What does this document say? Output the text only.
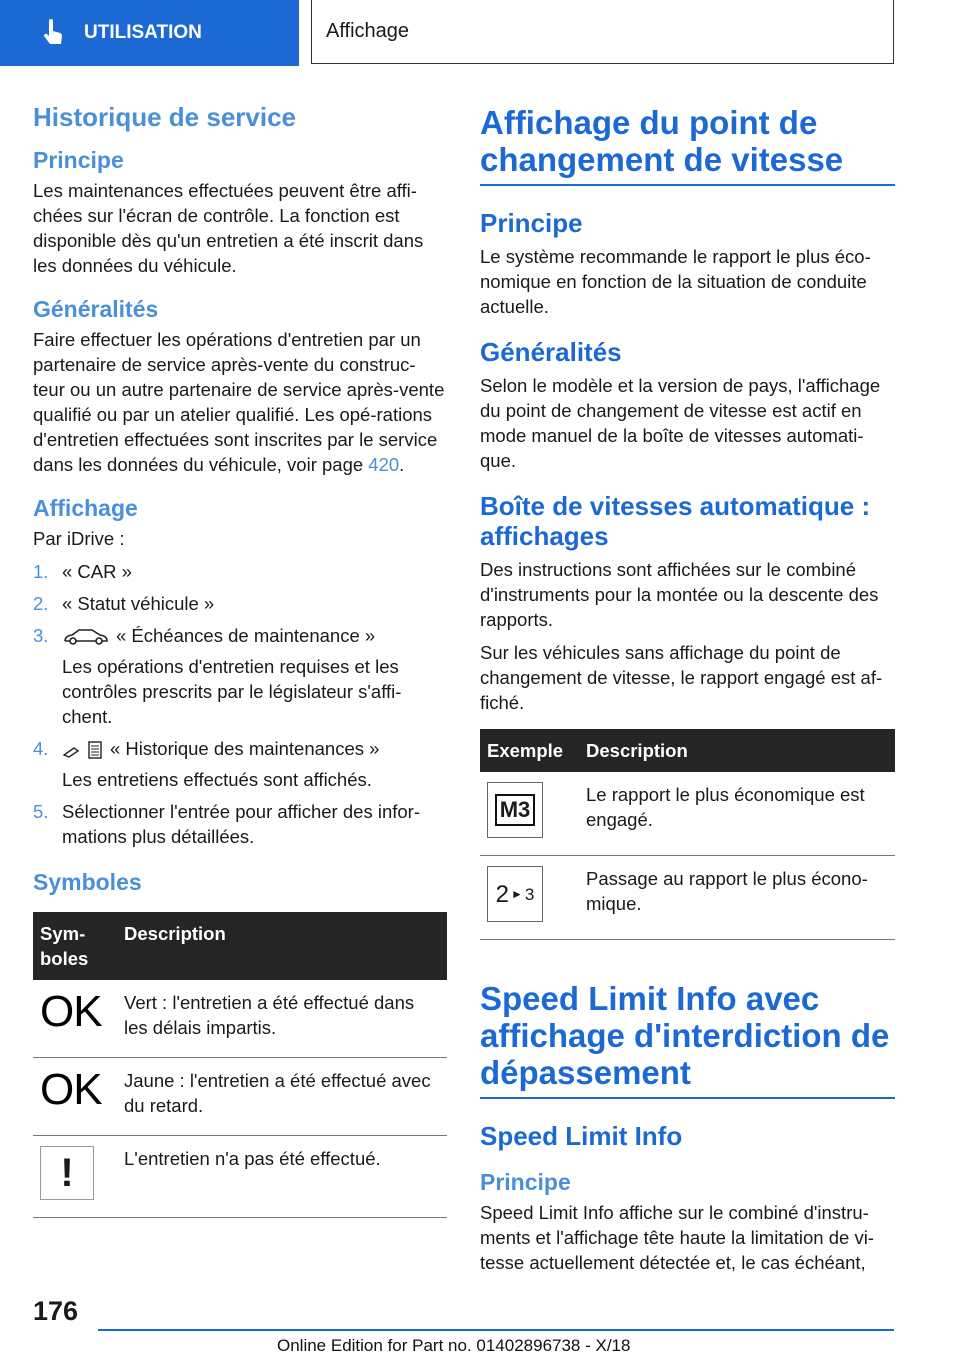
UTILISATION	Affichage
Historique de service
Principe

Les maintenances effectuées peuvent être affi-chées sur l'écran de contrôle. La fonction est disponible dès qu'un entretien a été inscrit dans les données du véhicule.

Généralités

Faire effectuer les opérations d'entretien par un partenaire de service après-vente du construc-teur ou un autre partenaire de service après-vente qualifié ou par un atelier qualifié. Les opé-rations d'entretien effectuées sont inscrites par le service dans les données du véhicule, voir page 420.

Affichage

Par iDrive :

1. « CAR »
2. « Statut véhicule »
3.	« Échéances de maintenance »
Les opérations d'entretien requises et les contrôles prescrits par le législateur s'affi-chent.
4.	« Historique des maintenances »
Les entretiens effectués sont affichés.
5. Sélectionner l'entrée pour afficher des infor-mations plus détaillées.
Symboles
Sym-boles	Description
OK	Vert : l'entretien a été effectué dans les délais impartis.
OK	Jaune : l'entretien a été effectué avec du retard.

!	L'entretien n'a pas été effectué.
Affichage du point de changement de vitesse
Principe

Le système recommande le rapport le plus éco-nomique en fonction de la situation de conduite actuelle.

Généralités

Selon le modèle et la version de pays, l'affichage du point de changement de vitesse est actif en mode manuel de la boîte de vitesses automati-que.

Boîte de vitesses automatique : affichages

Des instructions sont affichées sur le combiné d'instruments pour la montée ou la descente des rapports.

Sur les véhicules sans affichage du point de changement de vitesse, le rapport engagé est af-fiché.

Exemple	Description

M3	Le rapport le plus économique est engagé.

2 ► 3	Passage au rapport le plus écono-mique.
Speed Limit Info avec affichage d'interdiction de dépassement
Speed Limit Info
Principe

Speed Limit Info affiche sur le combiné d'instru-ments et l'affichage tête haute la limitation de vi-tesse actuellement détectée et, le cas échéant,

176
Online Edition for Part no. 01402896738 - X/18
